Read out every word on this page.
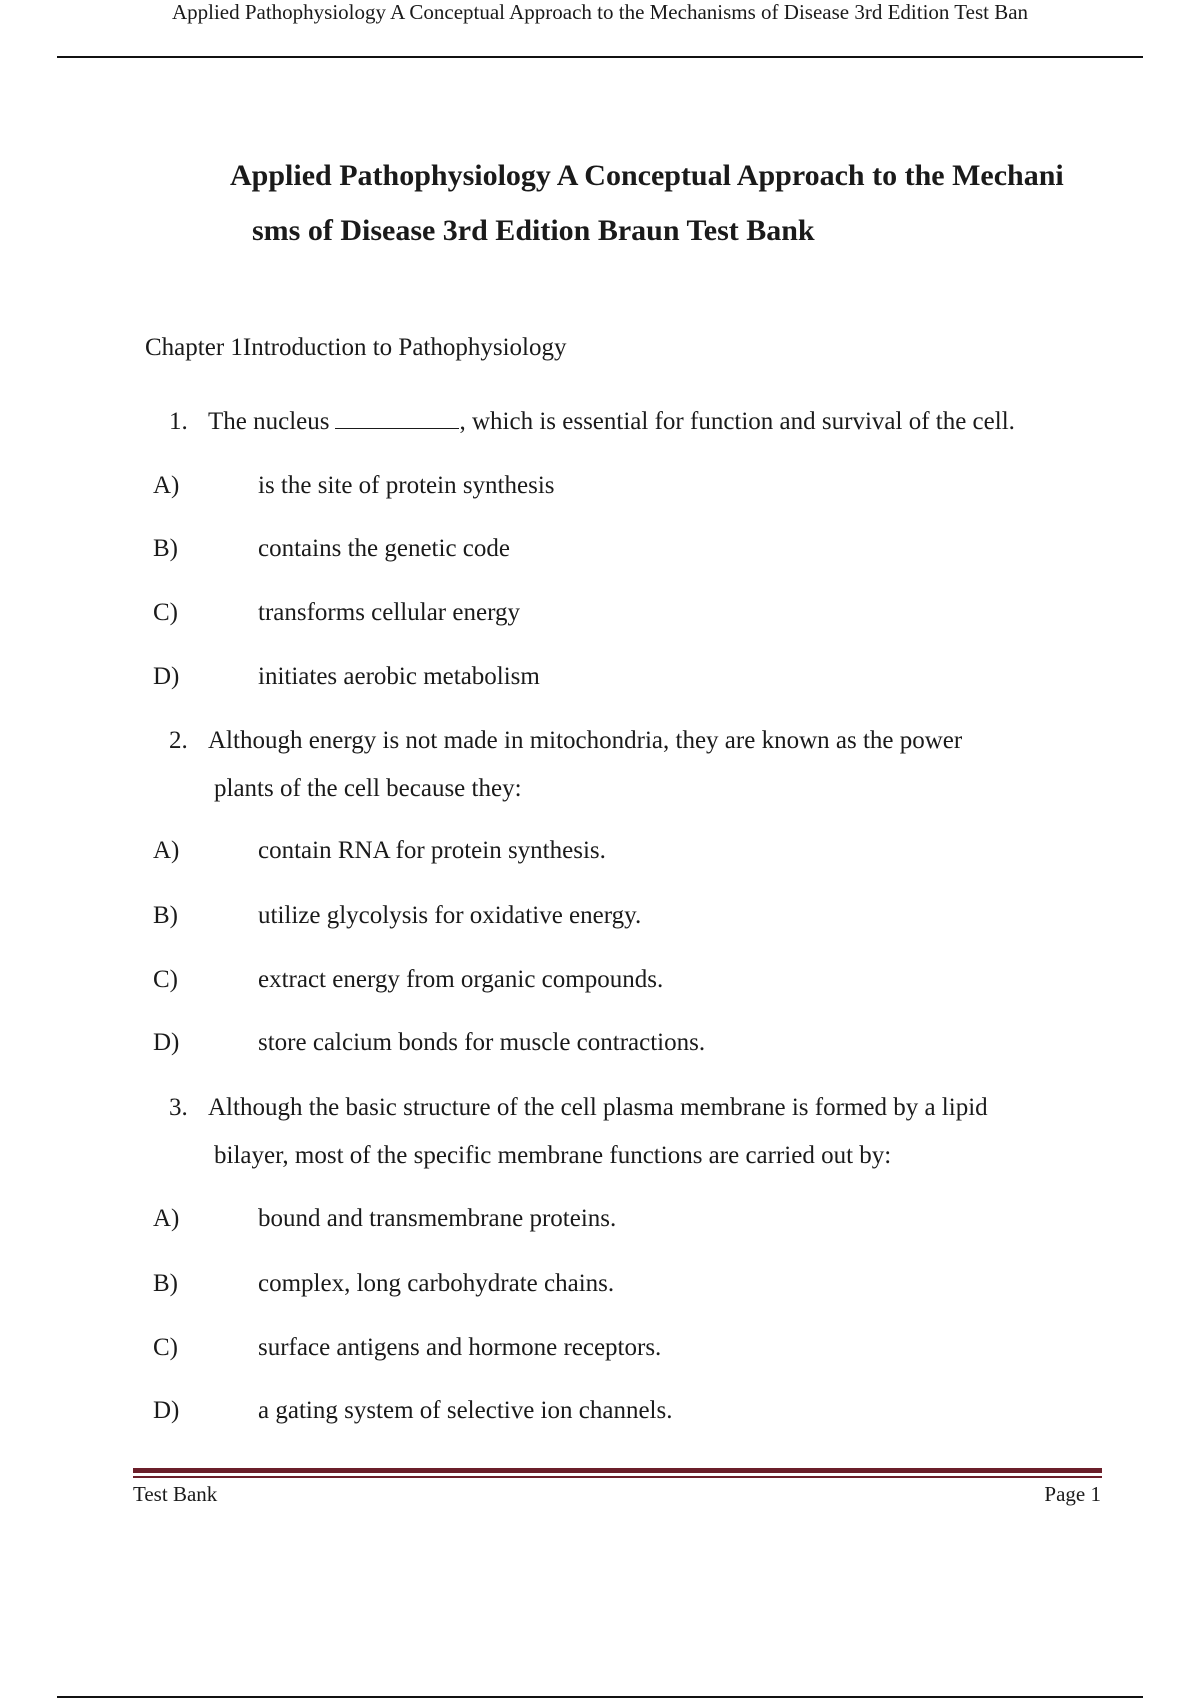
Applied Pathophysiology A Conceptual Approach to the Mechanisms of Disease 3rd Edition Test Ban
Applied Pathophysiology A Conceptual Approach to the Mechani
sms of Disease 3rd Edition Braun Test Bank
Chapter 1Introduction to Pathophysiology
1. The nucleus	, which is essential for function and survival of the cell.
A)	is the site of protein synthesis
B)	contains the genetic code
C)	transforms cellular energy
D)	initiates aerobic metabolism
2. Although energy is not made in mitochondria, they are known as the power
plants of the cell because they:
A)	contain RNA for protein synthesis.
B)	utilize glycolysis for oxidative energy.
C)	extract energy from organic compounds.
D)	store calcium bonds for muscle contractions.
3. Although the basic structure of the cell plasma membrane is formed by a lipid
bilayer, most of the specific membrane functions are carried out by:
A)	bound and transmembrane proteins.
B)	complex, long carbohydrate chains.
C)	surface antigens and hormone receptors.
D)	a gating system of selective ion channels.
Test Bank	Page 1
